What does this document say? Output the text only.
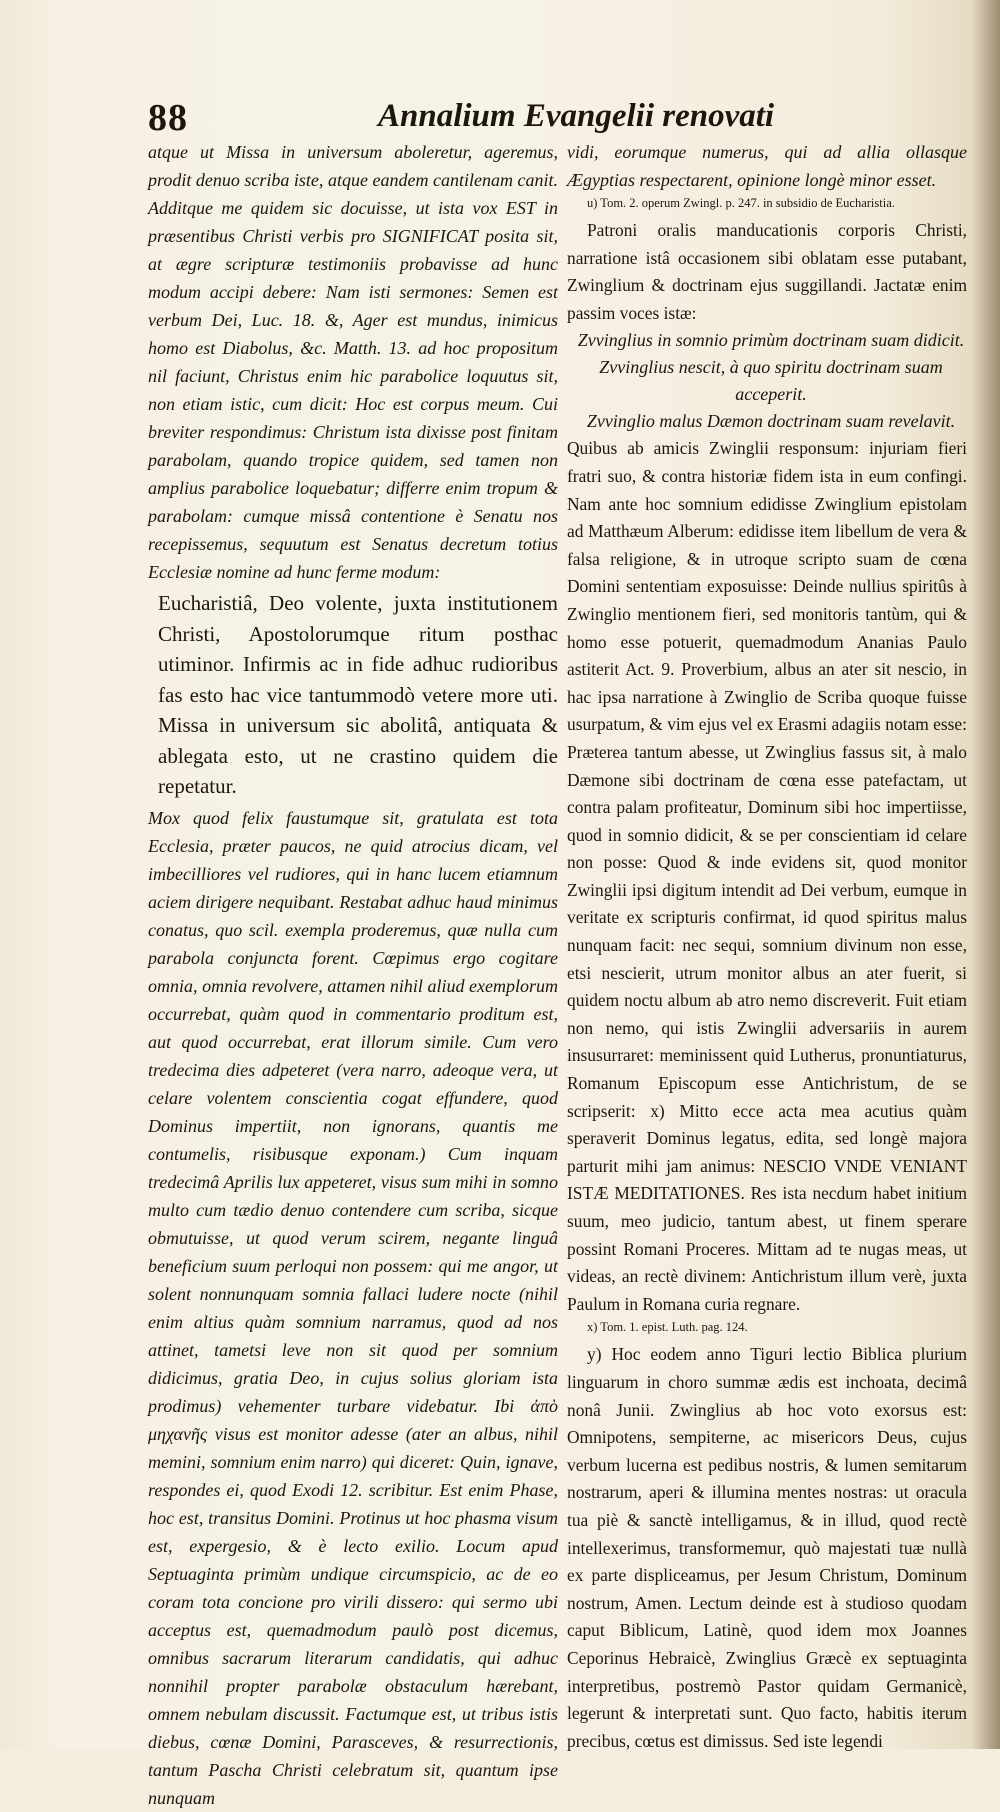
88	Annalium Evangelii renovati

atque ut Missa in universum aboleretur, ageremus, prodit denuo scriba iste, atque eandem cantilenam canit. Additque me quidem sic docuisse, ut ista vox EST in præsentibus Christi verbis pro SIGNIFICAT posita sit, at ægre scripturæ testimoniis probavisse ad hunc modum accipi debere: Nam isti sermones: Semen est verbum Dei, Luc. 18. &, Ager est mundus, inimicus homo est Diabolus, &c. Matth. 13. ad hoc propositum nil faciunt, Christus enim hic parabolice loquutus sit, non etiam istic, cum dicit: Hoc est corpus meum. Cui breviter respondimus: Christum ista dixisse post finitam parabolam, quando tropice quidem, sed tamen non amplius parabolice loquebatur; differre enim tropum & parabolam: cumque missâ contentione è Senatu nos recepissemus, sequutum est Senatus decretum totius Ecclesiæ nomine ad hunc ferme modum:

Eucharistiâ, Deo volente, juxta institutionem Christi, Apostolorumque ritum posthac utiminor. Infirmis ac in fide adhuc rudioribus fas esto hac vice tantummodò vetere more uti. Missa in universum sic abolitâ, antiquata & ablegata esto, ut ne crastino quidem die repetatur.

Mox quod felix faustumque sit, gratulata est tota Ecclesia, præter paucos, ne quid atrocius dicam, vel imbecilliores vel rudiores, qui in hanc lucem etiamnum aciem dirigere nequibant. Restabat adhuc haud minimus conatus, quo scil. exempla proderemus, quæ nulla cum parabola conjuncta forent. Cœpimus ergo cogitare omnia, omnia revolvere, attamen nihil aliud exemplorum occurrebat, quàm quod in commentario proditum est, aut quod occurrebat, erat illorum simile. Cum vero tredecima dies adpeteret (vera narro, adeoque vera, ut celare volentem conscientia cogat effundere, quod Dominus impertiit, non ignorans, quantis me contumelis, risibusque exponam.) Cum inquam tredecimâ Aprilis lux appeteret, visus sum mihi in somno multo cum tædio denuo contendere cum scriba, sicque obmutuisse, ut quod verum scirem, negante linguâ beneficium suum perloqui non possem: qui me angor, ut solent nonnunquam somnia fallaci ludere nocte (nihil enim altius quàm somnium narramus, quod ad nos attinet, tametsi leve non sit quod per somnium didicimus, gratia Deo, in cujus solius gloriam ista prodimus) vehementer turbare videbatur. Ibi ἀπὸ μηχανῆς visus est monitor adesse (ater an albus, nihil memini, somnium enim narro) qui diceret: Quin, ignave, respondes ei, quod Exodi 12. scribitur. Est enim Phase, hoc est, transitus Domini. Protinus ut hoc phasma visum est, expergesio, & è lecto exilio. Locum apud Septuaginta primùm undique circumspicio, ac de eo coram tota concione pro virili dissero: qui sermo ubi acceptus est, quemadmodum paulò post dicemus, omnibus sacrarum literarum candidatis, qui adhuc nonnihil propter parabolæ obstaculum hærebant, omnem nebulam discussit. Factumque est, ut tribus istis diebus, cœnæ Domini, Parasceves, & resurrectionis, tantum Pascha Christi celebratum sit, quantum ipse nunquam

vidi, eorumque numerus, qui ad allia ollasque Ægyptias respectarent, opinione longè minor esset.

u) Tom. 2. operum Zwingl. p. 247. in subsidio de Eucharistia.

Patroni oralis manducationis corporis Christi, narratione istâ occasionem sibi oblatam esse putabant, Zwinglium & doctrinam ejus suggillandi. Jactatæ enim passim voces istæ:

Zvvinglius in somnio primùm doctrinam suam didicit.

Zvvinglius nescit, à quo spiritu doctrinam suam acceperit.

Zvvinglio malus Dæmon doctrinam suam revelavit.

Quibus ab amicis Zwinglii responsum: injuriam fieri fratri suo, & contra historiæ fidem ista in eum confingi. Nam ante hoc somnium edidisse Zwinglium epistolam ad Matthæum Alberum: edidisse item libellum de vera & falsa religione, & in utroque scripto suam de cœna Domini sententiam exposuisse: Deinde nullius spiritûs à Zwinglio mentionem fieri, sed monitoris tantùm, qui & homo esse potuerit, quemadmodum Ananias Paulo astiterit Act. 9. Proverbium, albus an ater sit nescio, in hac ipsa narratione à Zwinglio de Scriba quoque fuisse usurpatum, & vim ejus vel ex Erasmi adagiis notam esse: Præterea tantum abesse, ut Zwinglius fassus sit, à malo Dæmone sibi doctrinam de cœna esse patefactam, ut contra palam profiteatur, Dominum sibi hoc impertiisse, quod in somnio didicit, & se per conscientiam id celare non posse: Quod & inde evidens sit, quod monitor Zwinglii ipsi digitum intendit ad Dei verbum, eumque in veritate ex scripturis confirmat, id quod spiritus malus nunquam facit: nec sequi, somnium divinum non esse, etsi nescierit, utrum monitor albus an ater fuerit, si quidem noctu album ab atro nemo discreverit. Fuit etiam non nemo, qui istis Zwinglii adversariis in aurem insusurraret: meminissent quid Lutherus, pronuntiaturus, Romanum Episcopum esse Antichristum, de se scripserit: x) Mitto ecce acta mea acutius quàm speraverit Dominus legatus, edita, sed longè majora parturit mihi jam animus: NESCIO VNDE VENIANT ISTÆ MEDITATIONES. Res ista necdum habet initium suum, meo judicio, tantum abest, ut finem sperare possint Romani Proceres. Mittam ad te nugas meas, ut videas, an rectè divinem: Antichristum illum verè, juxta Paulum in Romana curia regnare.

x) Tom. 1. epist. Luth. pag. 124.

y) Hoc eodem anno Tiguri lectio Biblica plurium linguarum in choro summæ ædis est inchoata, decimâ nonâ Junii. Zwinglius ab hoc voto exorsus est: Omnipotens, sempiterne, ac misericors Deus, cujus verbum lucerna est pedibus nostris, & lumen semitarum nostrarum, aperi & illumina mentes nostras: ut oracula tua piè & sanctè intelligamus, & in illud, quod rectè intellexerimus, transformemur, quò majestati tuæ nullà ex parte displiceamus, per Jesum Christum, Dominum nostrum, Amen. Lectum deinde est à studioso quodam caput Biblicum, Latinè, quod idem mox Joannes Ceporinus Hebraicè, Zwinglius Græcè ex septuaginta interpretibus, postremò Pastor quidam Germanicè, legerunt & interpretati sunt. Quo facto, habitis iterum precibus, cœtus est dimissus. Sed iste legendi
